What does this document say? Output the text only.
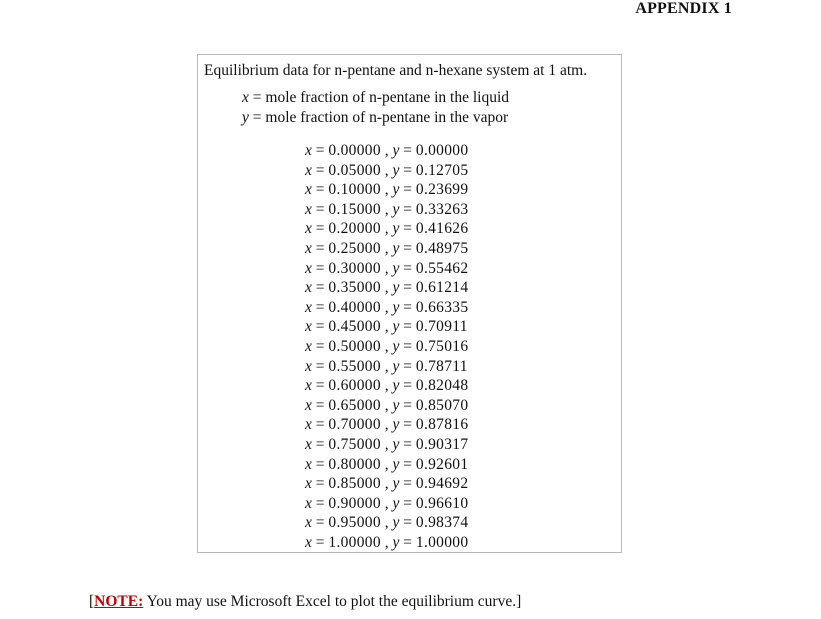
APPENDIX 1
Equilibrium data for n-pentane and n-hexane system at 1 atm.
x = mole fraction of n-pentane in the liquid
y = mole fraction of n-pentane in the vapor
x = 0.00000 , y = 0.00000
x = 0.05000 , y = 0.12705
x = 0.10000 , y = 0.23699
x = 0.15000 , y = 0.33263
x = 0.20000 , y = 0.41626
x = 0.25000 , y = 0.48975
x = 0.30000 , y = 0.55462
x = 0.35000 , y = 0.61214
x = 0.40000 , y = 0.66335
x = 0.45000 , y = 0.70911
x = 0.50000 , y = 0.75016
x = 0.55000 , y = 0.78711
x = 0.60000 , y = 0.82048
x = 0.65000 , y = 0.85070
x = 0.70000 , y = 0.87816
x = 0.75000 , y = 0.90317
x = 0.80000 , y = 0.92601
x = 0.85000 , y = 0.94692
x = 0.90000 , y = 0.96610
x = 0.95000 , y = 0.98374
x = 1.00000 , y = 1.00000
[NOTE: You may use Microsoft Excel to plot the equilibrium curve.]
